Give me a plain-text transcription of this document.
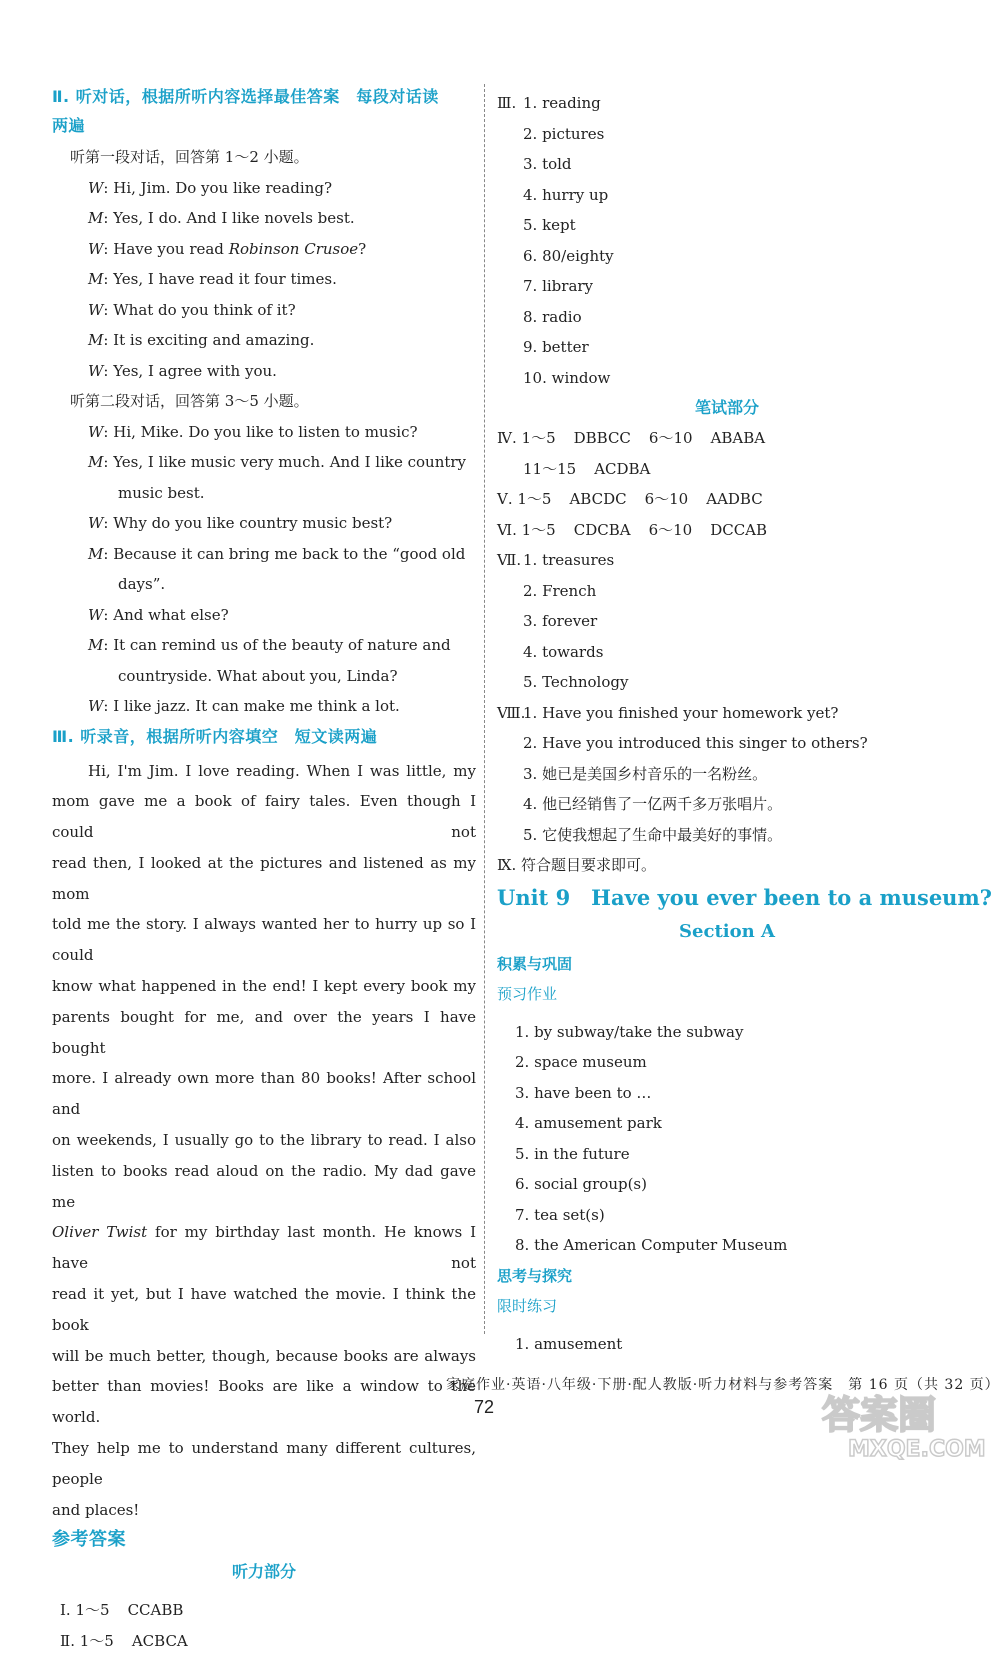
Ⅱ. 听对话，根据所听内容选择最佳答案　每段对话读
两遍
听第一段对话，回答第 1～2 小题。
W: Hi, Jim. Do you like reading?
M: Yes, I do. And I like novels best.
W: Have you read Robinson Crusoe?
M: Yes, I have read it four times.
W: What do you think of it?
M: It is exciting and amazing.
W: Yes, I agree with you.
听第二段对话，回答第 3～5 小题。
W: Hi, Mike. Do you like to listen to music?
M: Yes, I like music very much. And I like country
music best.
W: Why do you like country music best?
M: Because it can bring me back to the “good old
days”.
W: And what else?
M: It can remind us of the beauty of nature and
countryside. What about you, Linda?
W: I like jazz. It can make me think a lot.
Ⅲ. 听录音，根据所听内容填空　短文读两遍
Hi, I'm Jim. I love reading. When I was little, my
mom gave me a book of fairy tales. Even though I could not
read then, I looked at the pictures and listened as my mom
told me the story. I always wanted her to hurry up so I could
know what happened in the end! I kept every book my
parents bought for me, and over the years I have bought
more. I already own more than 80 books! After school and
on weekends, I usually go to the library to read. I also
listen to books read aloud on the radio. My dad gave me
Oliver Twist for my birthday last month. He knows I have not
read it yet, but I have watched the movie. I think the book
will be much better, though, because books are always
better than movies! Books are like a window to the world.
They help me to understand many different cultures, people
and places!
参考答案
听力部分
Ⅰ. 1～5 CCABB
Ⅱ. 1～5 ACBCA
Ⅲ. 1. reading
2. pictures
3. told
4. hurry up
5. kept
6. 80/eighty
7. library
8. radio
9. better
10. window
笔试部分
Ⅳ. 1～5 DBBCC 6～10 ABABA
11～15 ACDBA
Ⅴ. 1～5 ABCDC 6～10 AADBC
Ⅵ. 1～5 CDCBA 6～10 DCCAB
Ⅶ. 1. treasures
2. French
3. forever
4. towards
5. Technology
Ⅷ.1. Have you finished your homework yet?
2. Have you introduced this singer to others?
3. 她已是美国乡村音乐的一名粉丝。
4. 他已经销售了一亿两千多万张唱片。
5. 它使我想起了生命中最美好的事情。
Ⅸ. 符合题目要求即可。
Unit 9　Have you ever been to a museum?
Section A
积累与巩固
预习作业
1. by subway/take the subway
2. space museum
3. have been to …
4. amusement park
5. in the future
6. social group(s)
7. tea set(s)
8. the American Computer Museum
思考与探究
限时练习
1. amusement
家庭作业·英语·八年级·下册·配人教版·听力材料与参考答案　第 16 页（共 32 页）
72	答案圈
MXQE.COM
